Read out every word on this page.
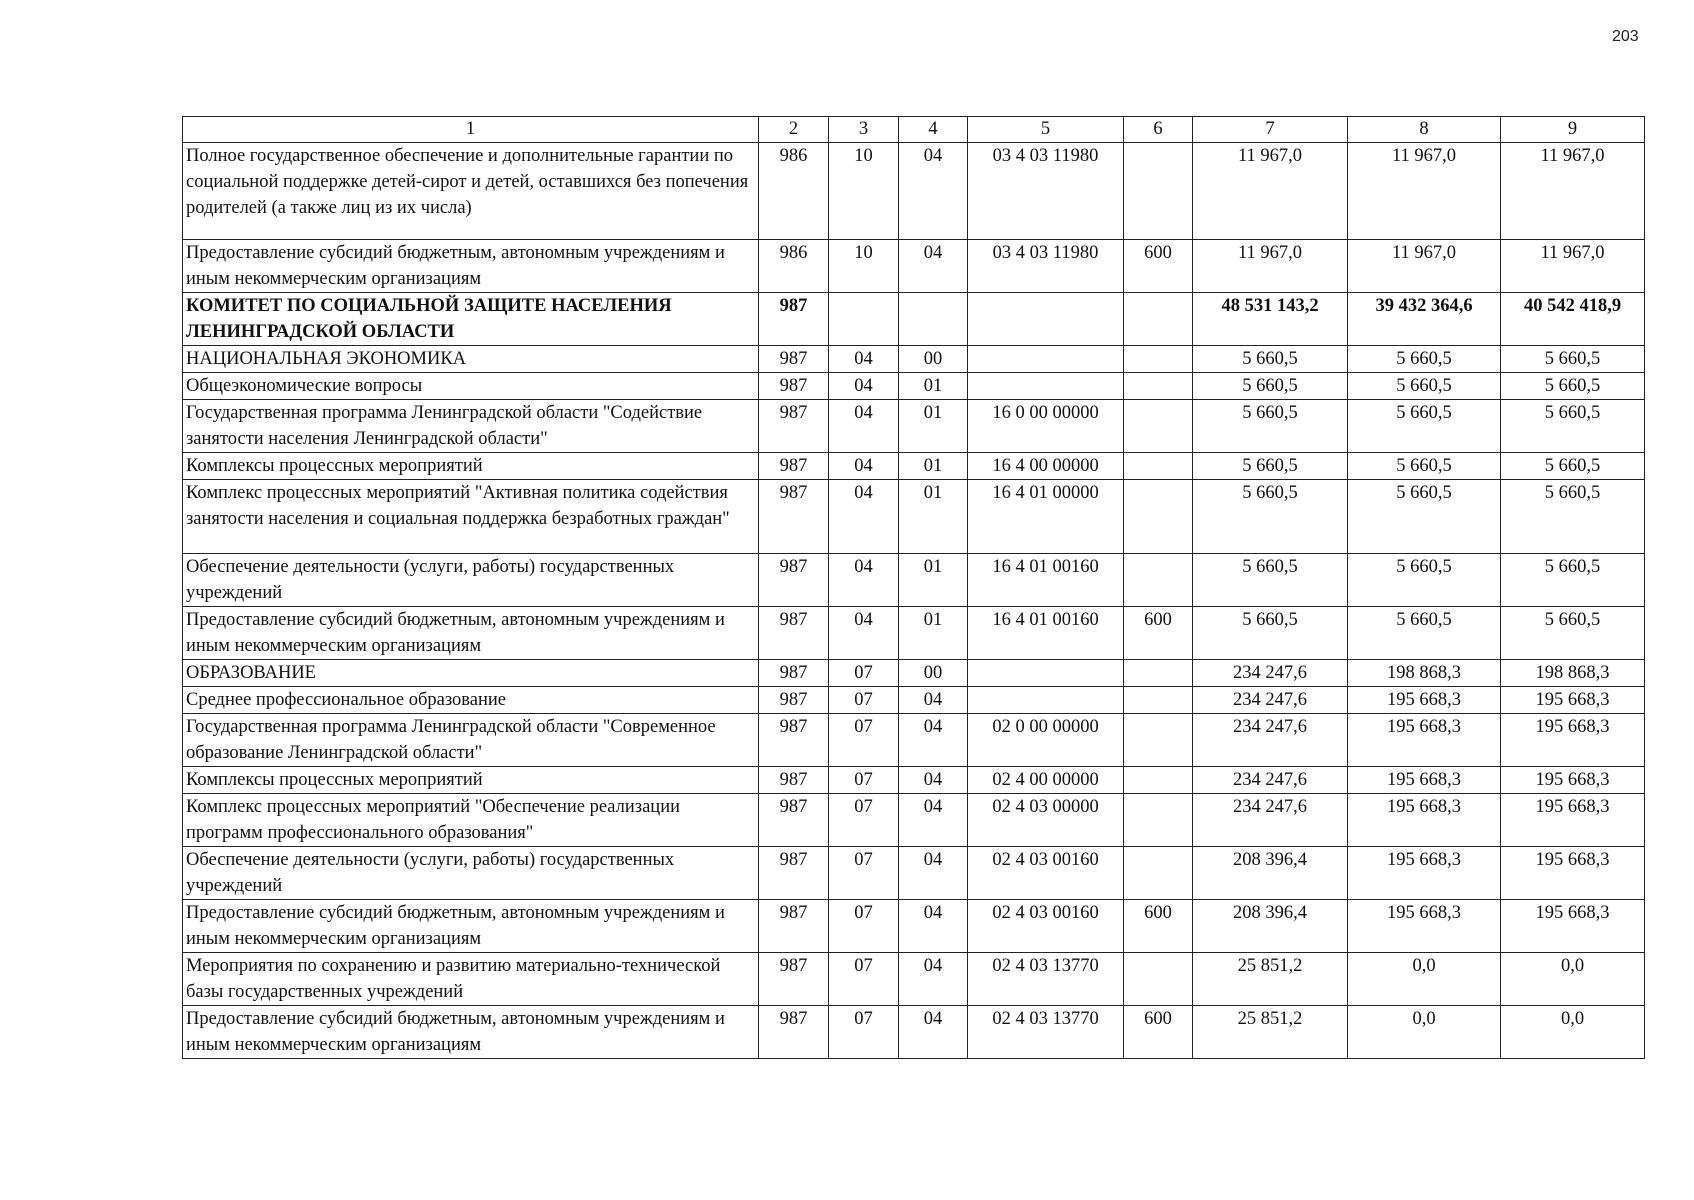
203
1	2	3	4	5	6	7	8	9
Полное государственное обеспечение и дополнительные гарантии по социальной поддержке детей-сирот и детей, оставшихся без попечения родителей (а также лиц из их числа)	986	10	04	03 4 03 11980		11 967,0	11 967,0	11 967,0
Предоставление субсидий бюджетным, автономным учреждениям и иным некоммерческим организациям	986	10	04	03 4 03 11980	600	11 967,0	11 967,0	11 967,0
КОМИТЕТ ПО СОЦИАЛЬНОЙ ЗАЩИТЕ НАСЕЛЕНИЯ ЛЕНИНГРАДСКОЙ ОБЛАСТИ	987					48 531 143,2	39 432 364,6	40 542 418,9
НАЦИОНАЛЬНАЯ ЭКОНОМИКА	987	04	00			5 660,5	5 660,5	5 660,5
Общеэкономические вопросы	987	04	01			5 660,5	5 660,5	5 660,5
Государственная программа Ленинградской области "Содействие занятости населения Ленинградской области"	987	04	01	16 0 00 00000		5 660,5	5 660,5	5 660,5
Комплексы процессных мероприятий	987	04	01	16 4 00 00000		5 660,5	5 660,5	5 660,5
Комплекс процессных мероприятий "Активная политика содействия занятости населения и социальная поддержка безработных граждан"	987	04	01	16 4 01 00000		5 660,5	5 660,5	5 660,5
Обеспечение деятельности (услуги, работы) государственных учреждений	987	04	01	16 4 01 00160		5 660,5	5 660,5	5 660,5
Предоставление субсидий бюджетным, автономным учреждениям и иным некоммерческим организациям	987	04	01	16 4 01 00160	600	5 660,5	5 660,5	5 660,5
ОБРАЗОВАНИЕ	987	07	00			234 247,6	198 868,3	198 868,3
Среднее профессиональное образование	987	07	04			234 247,6	195 668,3	195 668,3
Государственная программа Ленинградской области "Современное образование Ленинградской области"	987	07	04	02 0 00 00000		234 247,6	195 668,3	195 668,3
Комплексы процессных мероприятий	987	07	04	02 4 00 00000		234 247,6	195 668,3	195 668,3
Комплекс процессных мероприятий "Обеспечение реализации программ профессионального образования"	987	07	04	02 4 03 00000		234 247,6	195 668,3	195 668,3
Обеспечение деятельности (услуги, работы) государственных учреждений	987	07	04	02 4 03 00160		208 396,4	195 668,3	195 668,3
Предоставление субсидий бюджетным, автономным учреждениям и иным некоммерческим организациям	987	07	04	02 4 03 00160	600	208 396,4	195 668,3	195 668,3
Мероприятия по сохранению и развитию материально-технической базы государственных учреждений	987	07	04	02 4 03 13770		25 851,2	0,0	0,0
Предоставление субсидий бюджетным, автономным учреждениям и иным некоммерческим организациям	987	07	04	02 4 03 13770	600	25 851,2	0,0	0,0
